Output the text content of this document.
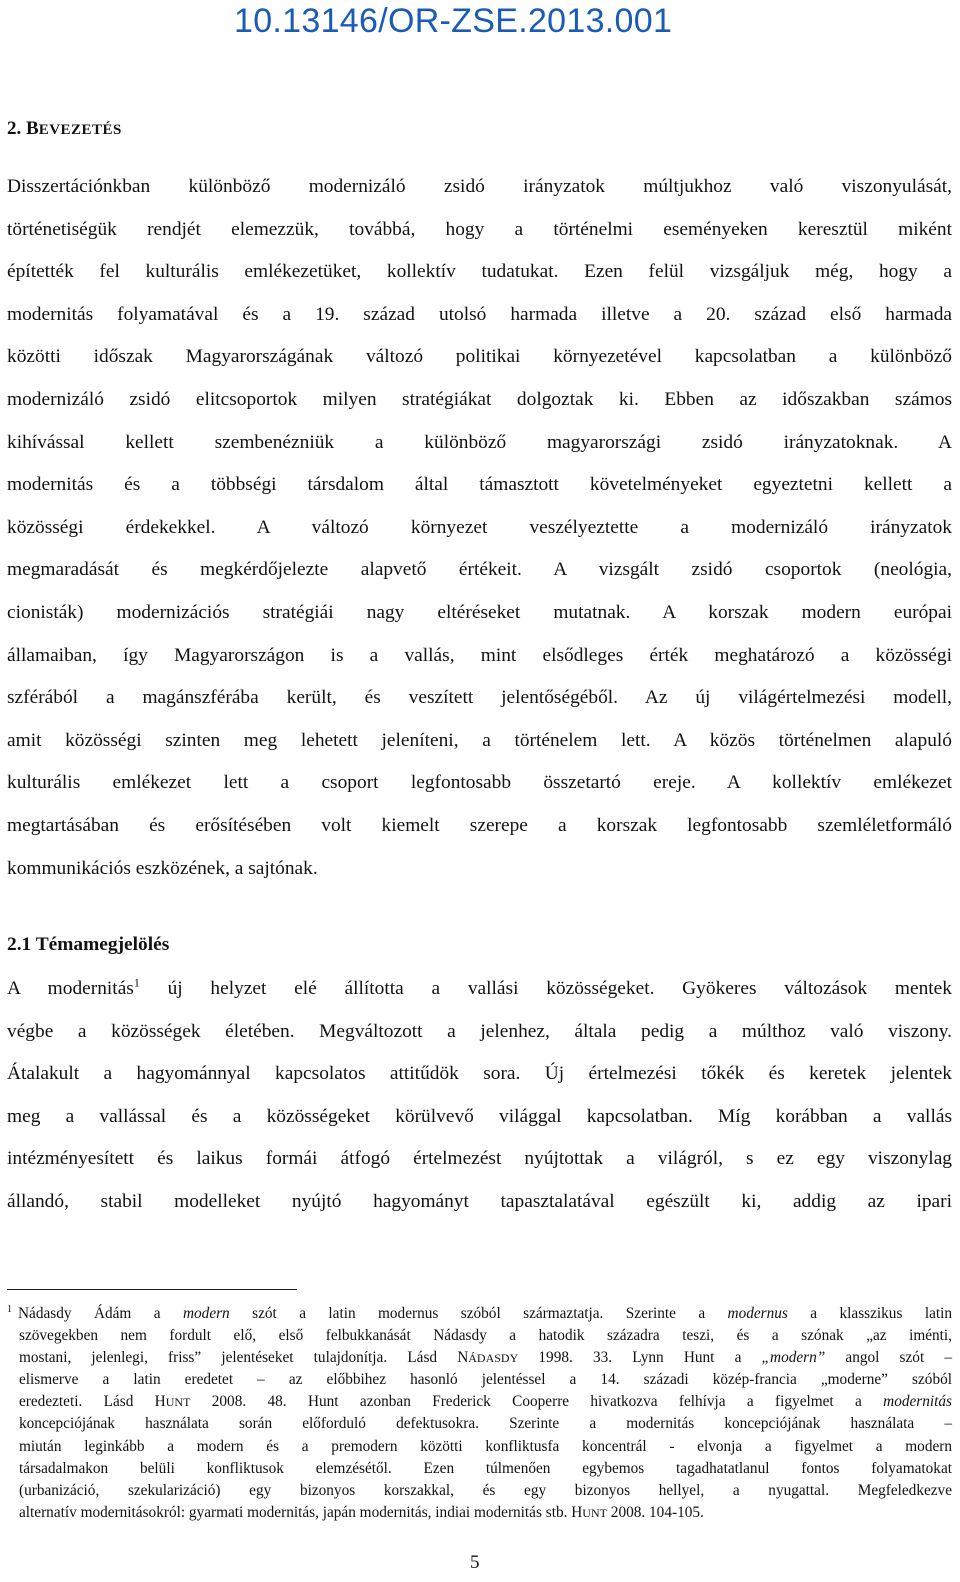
10.13146/OR-ZSE.2013.001
2. BEVEZETÉS
Disszertációnkban különböző modernizáló zsidó irányzatok múltjukhoz való viszonyulását,
történetiségük rendjét elemezzük, továbbá, hogy a történelmi eseményeken keresztül miként
építették fel kulturális emlékezetüket, kollektív tudatukat. Ezen felül vizsgáljuk még, hogy a
modernitás folyamatával és a 19. század utolsó harmada illetve a 20. század első harmada
közötti időszak Magyarországának változó politikai környezetével kapcsolatban a különböző
modernizáló zsidó elitcsoportok milyen stratégiákat dolgoztak ki. Ebben az időszakban számos
kihívással kellett szembenézniük a különböző magyarországi zsidó irányzatoknak. A
modernitás és a többségi társdalom által támasztott követelményeket egyeztetni kellett a
közösségi érdekekkel. A változó környezet veszélyeztette a modernizáló irányzatok
megmaradását és megkérdőjelezte alapvető értékeit. A vizsgált zsidó csoportok (neológia,
cionisták) modernizációs stratégiái nagy eltéréseket mutatnak. A korszak modern európai
államaiban, így Magyarországon is a vallás, mint elsődleges érték meghatározó a közösségi
szférából a magánszférába került, és veszített jelentőségéből. Az új világértelmezési modell,
amit közösségi szinten meg lehetett jeleníteni, a történelem lett. A közös történelmen alapuló
kulturális emlékezet lett a csoport legfontosabb összetartó ereje. A kollektív emlékezet
megtartásában és erősítésében volt kiemelt szerepe a korszak legfontosabb szemléletformáló
kommunikációs eszközének, a sajtónak.
2.1 Témamegjelölés
A modernitás$^1$ új helyzet elé állította a vallási közösségeket. Gyökeres változások mentek
végbe a közösségek életében. Megváltozott a jelenhez, általa pedig a múlthoz való viszony.
Átalakult a hagyománnyal kapcsolatos attitűdök sora. Új értelmezési tőkék és keretek jelentek
meg a vallással és a közösségeket körülvevő világgal kapcsolatban. Míg korábban a vallás
intézményesített és laikus formái átfogó értelmezést nyújtottak a világról, s ez egy viszonylag
állandó, stabil modelleket nyújtó hagyományt tapasztalatával egészült ki, addig az ipari
$^1$ Nádasdy Ádám a modern szót a latin modernus szóból származtatja. Szerinte a modernus a klasszikus latin
szövegekben nem fordult elő, első felbukkanását Nádasdy a hatodik századra teszi, és a szónak „az iménti,
mostani, jelenlegi, friss” jelentéseket tulajdonítja. Lásd NÁDASDY 1998. 33. Lynn Hunt a „modern” angol szót –
elismerve a latin eredetet – az előbbihez hasonló jelentéssel a 14. századi közép-francia „moderne” szóból
eredezteti. Lásd HUNT 2008. 48. Hunt azonban Frederick Cooperre hivatkozva felhívja a figyelmet a modernitás
koncepciójának használata során előforduló defektusokra. Szerinte a modernitás koncepciójának használata –
miután leginkább a modern és a premodern közötti konfliktusfa koncentrál - elvonja a figyelmet a modern
társadalmakon belüli konfliktusok elemzésétől. Ezen túlmenően egybemos tagadhatatlanul fontos folyamatokat
(urbanizáció, szekularizáció) egy bizonyos korszakkal, és egy bizonyos hellyel, a nyugattal. Megfeledkezve
alternatív modernitásokról: gyarmati modernitás, japán modernitás, indiai modernitás stb. HUNT 2008. 104-105.
5
